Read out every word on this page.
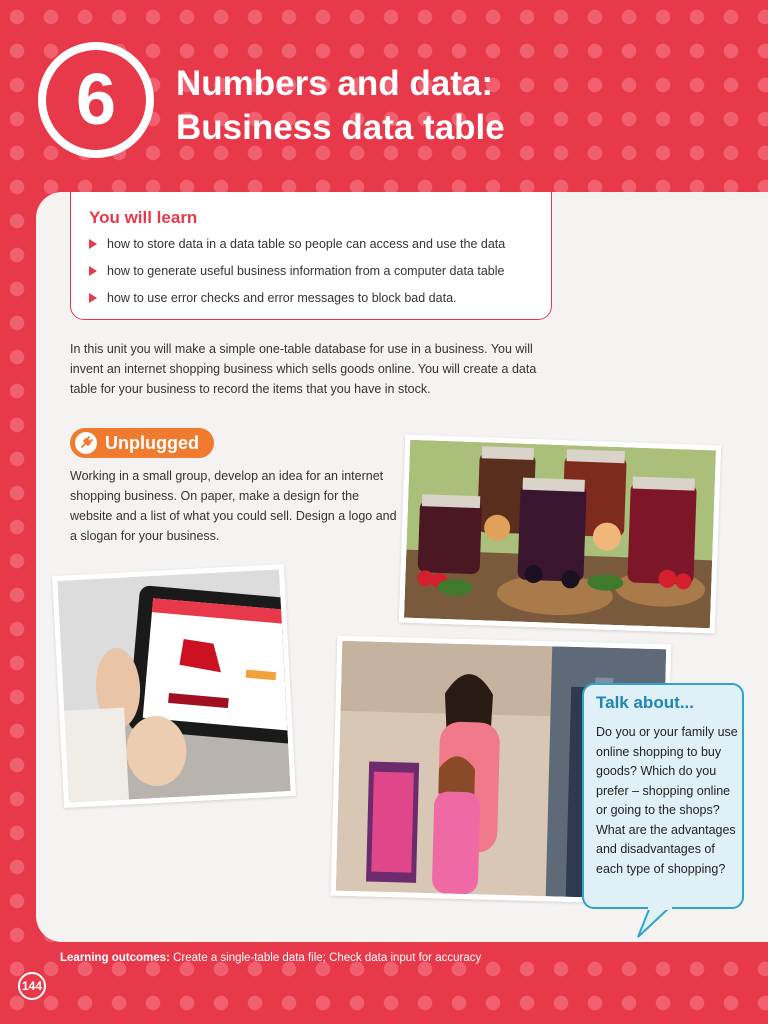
6	Numbers and data:
Business data table
You will learn
how to store data in a data table so people can access and use the data
how to generate useful business information from a computer data table
how to use error checks and error messages to block bad data.

In this unit you will make a simple one-table database for use in a business. You will invent an internet shopping business which sells goods online. You will create a data table for your business to record the items that you have in stock.

Unplugged

Working in a small group, develop an idea for an internet shopping business. On paper, make a design for the website and a list of what you could sell. Design a logo and a slogan for your business.

Talk about...

Do you or your family use online shopping to buy goods? Which do you prefer – shopping online or going to the shops? What are the advantages and disadvantages of each type of shopping?

Learning outcomes: Create a single-table data file; Check data input for accuracy
144
